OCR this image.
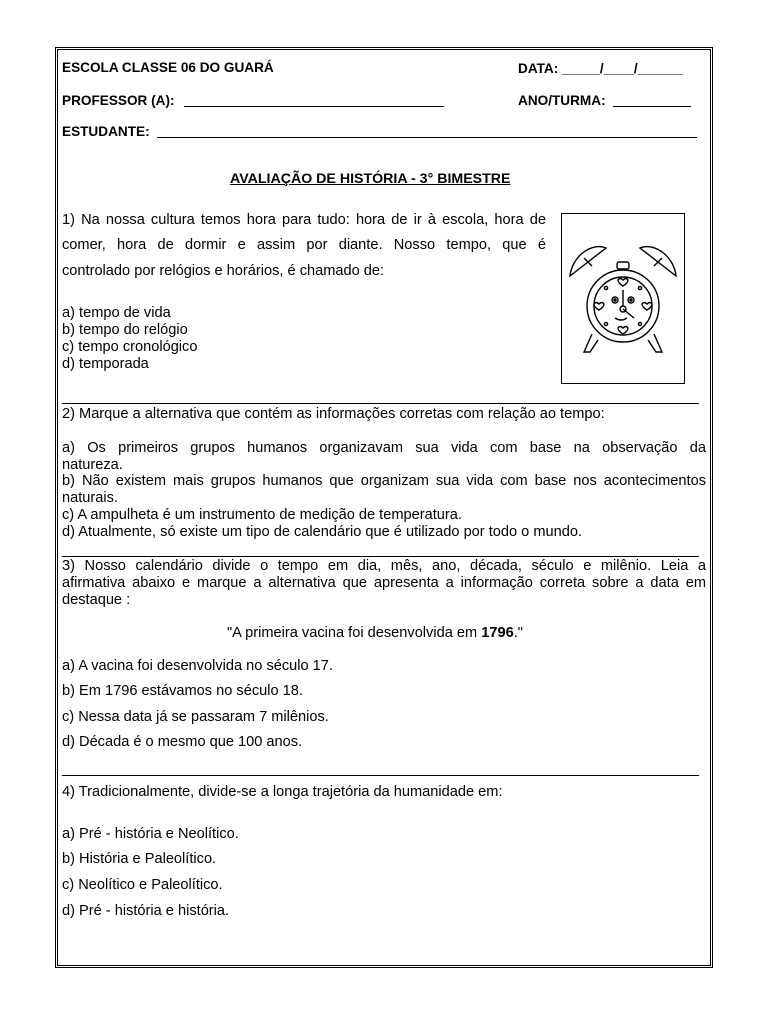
ESCOLA CLASSE 06 DO GUARÁ	DATA: _____/____/______
PROFESSOR (A):	ANO/TURMA:
ESTUDANTE:
AVALIAÇÃO DE HISTÓRIA - 3° BIMESTRE
1) Na nossa cultura temos hora para tudo: hora de ir à escola, hora de
comer, hora de dormir e assim por diante. Nosso tempo, que é
controlado por relógios e horários, é chamado de:
a) tempo de vida
b) tempo do relógio
c) tempo cronológico
d) temporada
2) Marque a alternativa que contém as informações corretas com relação ao tempo:
a) Os primeiros grupos humanos organizavam sua vida com base na observação da
natureza.
b) Não existem mais grupos humanos que organizam sua vida com base nos acontecimentos
naturais.
c) A ampulheta é um instrumento de medição de temperatura.
d) Atualmente, só existe um tipo de calendário que é utilizado por todo o mundo.
3) Nosso calendário divide o tempo em dia, mês, ano, década, século e milênio. Leia a
afirmativa abaixo e marque a alternativa que apresenta a informação correta sobre a data em
destaque :
"A primeira vacina foi desenvolvida em 1796."
a) A vacina foi desenvolvida no século 17.
b) Em 1796 estávamos no século 18.
c) Nessa data já se passaram 7 milênios.
d) Década é o mesmo que 100 anos.
4) Tradicionalmente, divide-se a longa trajetória da humanidade em:
a) Pré - história e Neolítico.
b) História e Paleolítico.
c) Neolítico e Paleolítico.
d) Pré - história e história.
